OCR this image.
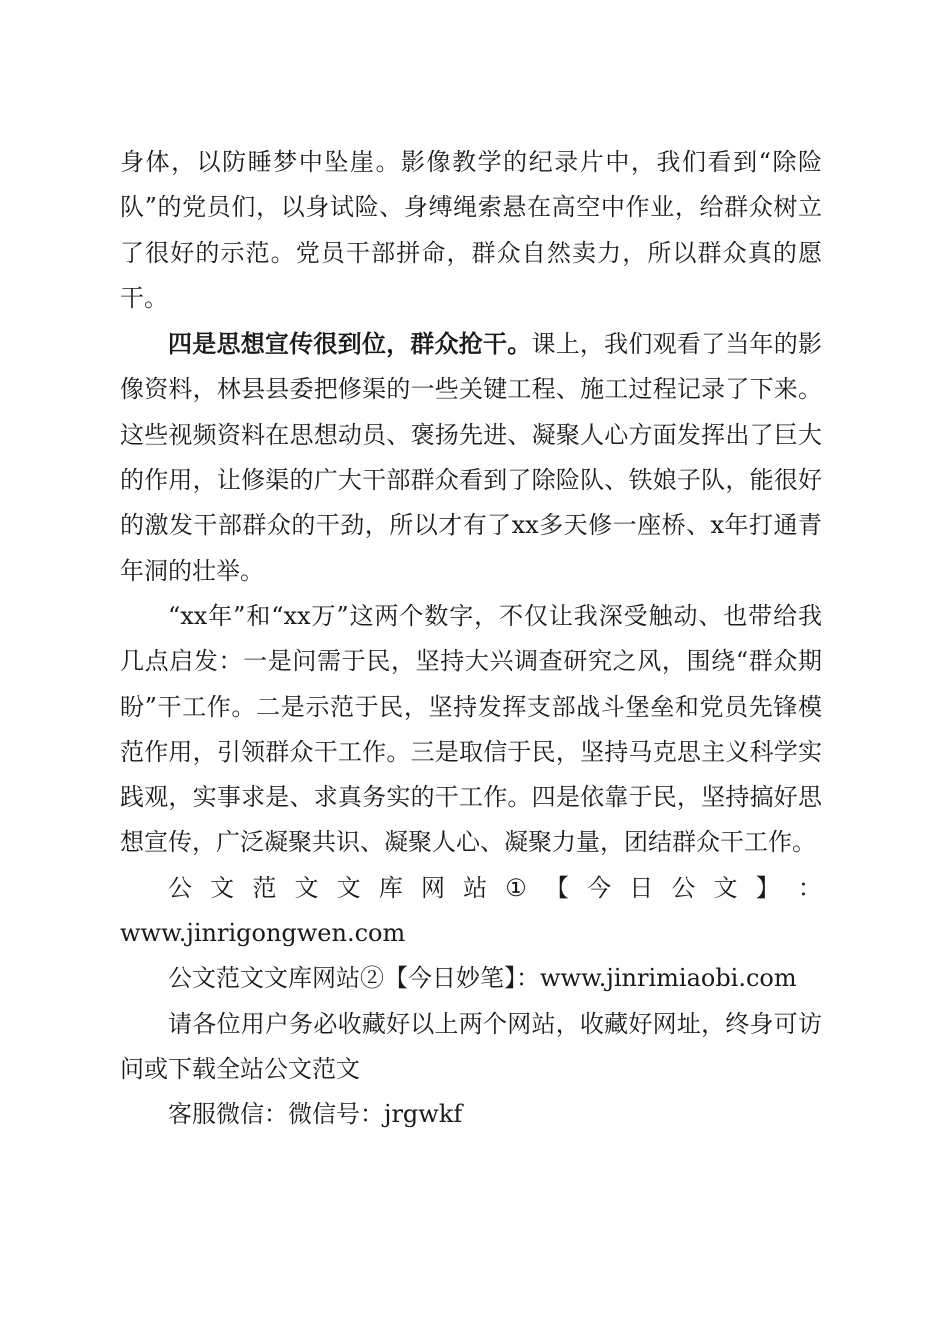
身体，以防睡梦中坠崖。影像教学的纪录片中，我们看到“除险队”的党员们，以身试险、身缚绳索悬在高空中作业，给群众树立了很好的示范。党员干部拼命，群众自然卖力，所以群众真的愿干。

四是思想宣传很到位，群众抢干。课上，我们观看了当年的影像资料，林县县委把修渠的一些关键工程、施工过程记录了下来。这些视频资料在思想动员、褒扬先进、凝聚人心方面发挥出了巨大的作用，让修渠的广大干部群众看到了除险队、铁娘子队，能很好的激发干部群众的干劲，所以才有了xx多天修一座桥、x年打通青年洞的壮举。

“xx年”和“xx万”这两个数字，不仅让我深受触动、也带给我几点启发：一是问需于民，坚持大兴调查研究之风，围绕“群众期盼”干工作。二是示范于民，坚持发挥支部战斗堡垒和党员先锋模范作用，引领群众干工作。三是取信于民，坚持马克思主义科学实践观，实事求是、求真务实的干工作。四是依靠于民，坚持搞好思想宣传，广泛凝聚共识、凝聚人心、凝聚力量，团结群众干工作。

公 文 范 文 文 库 网 站 ① 【 今 日 公 文 】 ：

www.jinrigongwen.com

公文范文文库网站②【今日妙笔】：www.jinrimiaobi.com

请各位用户务必收藏好以上两个网站，收藏好网址，终身可访问或下载全站公文范文

客服微信：微信号：jrgwkf
